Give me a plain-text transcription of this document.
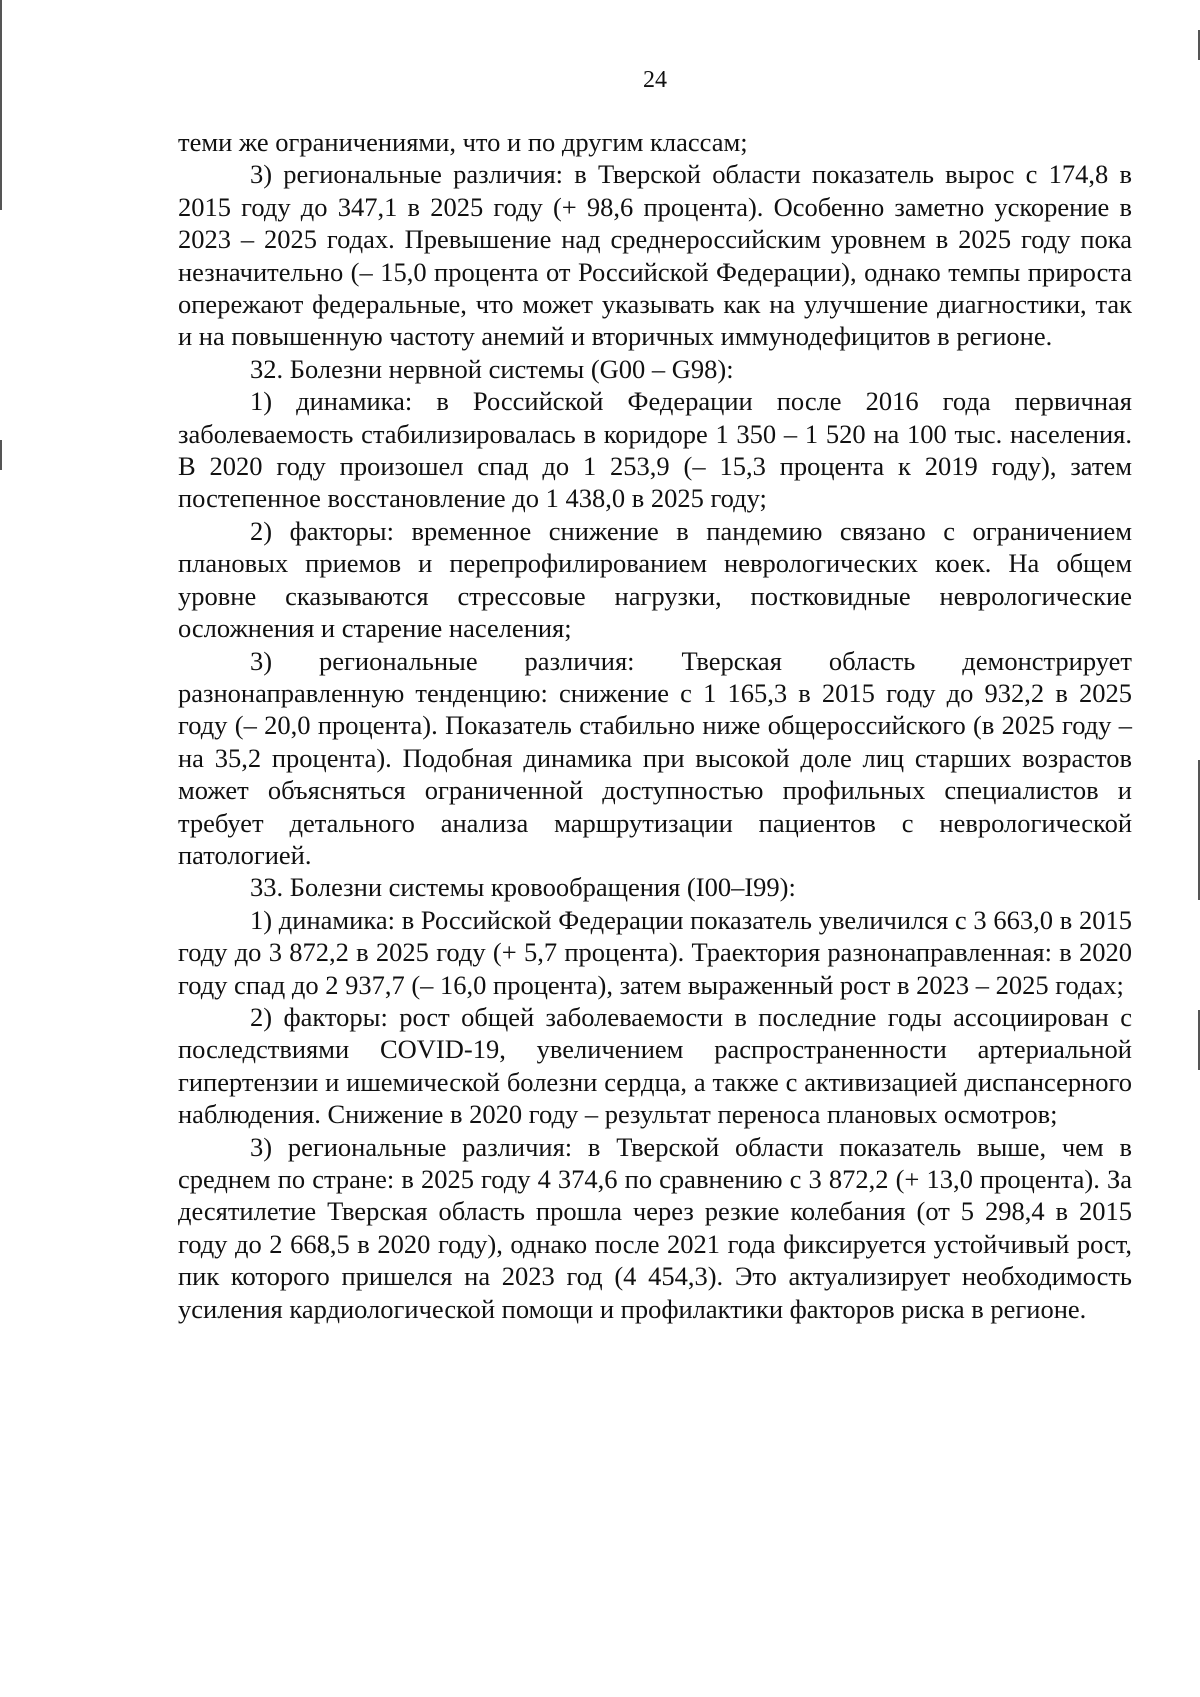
24

теми же ограничениями, что и по другим классам;

3) региональные различия: в Тверской области показатель вырос с 174,8 в 2015 году до 347,1 в 2025 году (+ 98,6 процента). Особенно заметно ускорение в 2023 – 2025 годах. Превышение над среднероссийским уровнем в 2025 году пока незначительно (– 15,0 процента от Российской Федерации), однако темпы прироста опережают федеральные, что может указывать как на улучшение диагностики, так и на повышенную частоту анемий и вторичных иммунодефицитов в регионе.

32. Болезни нервной системы (G00 – G98):

1) динамика: в Российской Федерации после 2016 года первичная заболеваемость стабилизировалась в коридоре 1 350 – 1 520 на 100 тыс. населения. В 2020 году произошел спад до 1 253,9 (– 15,3 процента к 2019 году), затем постепенное восстановление до 1 438,0 в 2025 году;

2) факторы: временное снижение в пандемию связано с ограничением плановых приемов и перепрофилированием неврологических коек. На общем уровне сказываются стрессовые нагрузки, постковидные неврологические осложнения и старение населения;

3) региональные различия: Тверская область демонстрирует разнонаправленную тенденцию: снижение с 1 165,3 в 2015 году до 932,2 в 2025 году (– 20,0 процента). Показатель стабильно ниже общероссийского (в 2025 году – на 35,2 процента). Подобная динамика при высокой доле лиц старших возрастов может объясняться ограниченной доступностью профильных специалистов и требует детального анализа маршрутизации пациентов с неврологической патологией.

33. Болезни системы кровообращения (I00–I99):

1) динамика: в Российской Федерации показатель увеличился с 3 663,0 в 2015 году до 3 872,2 в 2025 году (+ 5,7 процента). Траектория разнонаправленная: в 2020 году спад до 2 937,7 (– 16,0 процента), затем выраженный рост в 2023 – 2025 годах;

2) факторы: рост общей заболеваемости в последние годы ассоциирован с последствиями COVID-19, увеличением распространенности артериальной гипертензии и ишемической болезни сердца, а также с активизацией диспансерного наблюдения. Снижение в 2020 году – результат переноса плановых осмотров;

3) региональные различия: в Тверской области показатель выше, чем в среднем по стране: в 2025 году 4 374,6 по сравнению с 3 872,2 (+ 13,0 процента). За десятилетие Тверская область прошла через резкие колебания (от 5 298,4 в 2015 году до 2 668,5 в 2020 году), однако после 2021 года фиксируется устойчивый рост, пик которого пришелся на 2023 год (4 454,3). Это актуализирует необходимость усиления кардиологической помощи и профилактики факторов риска в регионе.
